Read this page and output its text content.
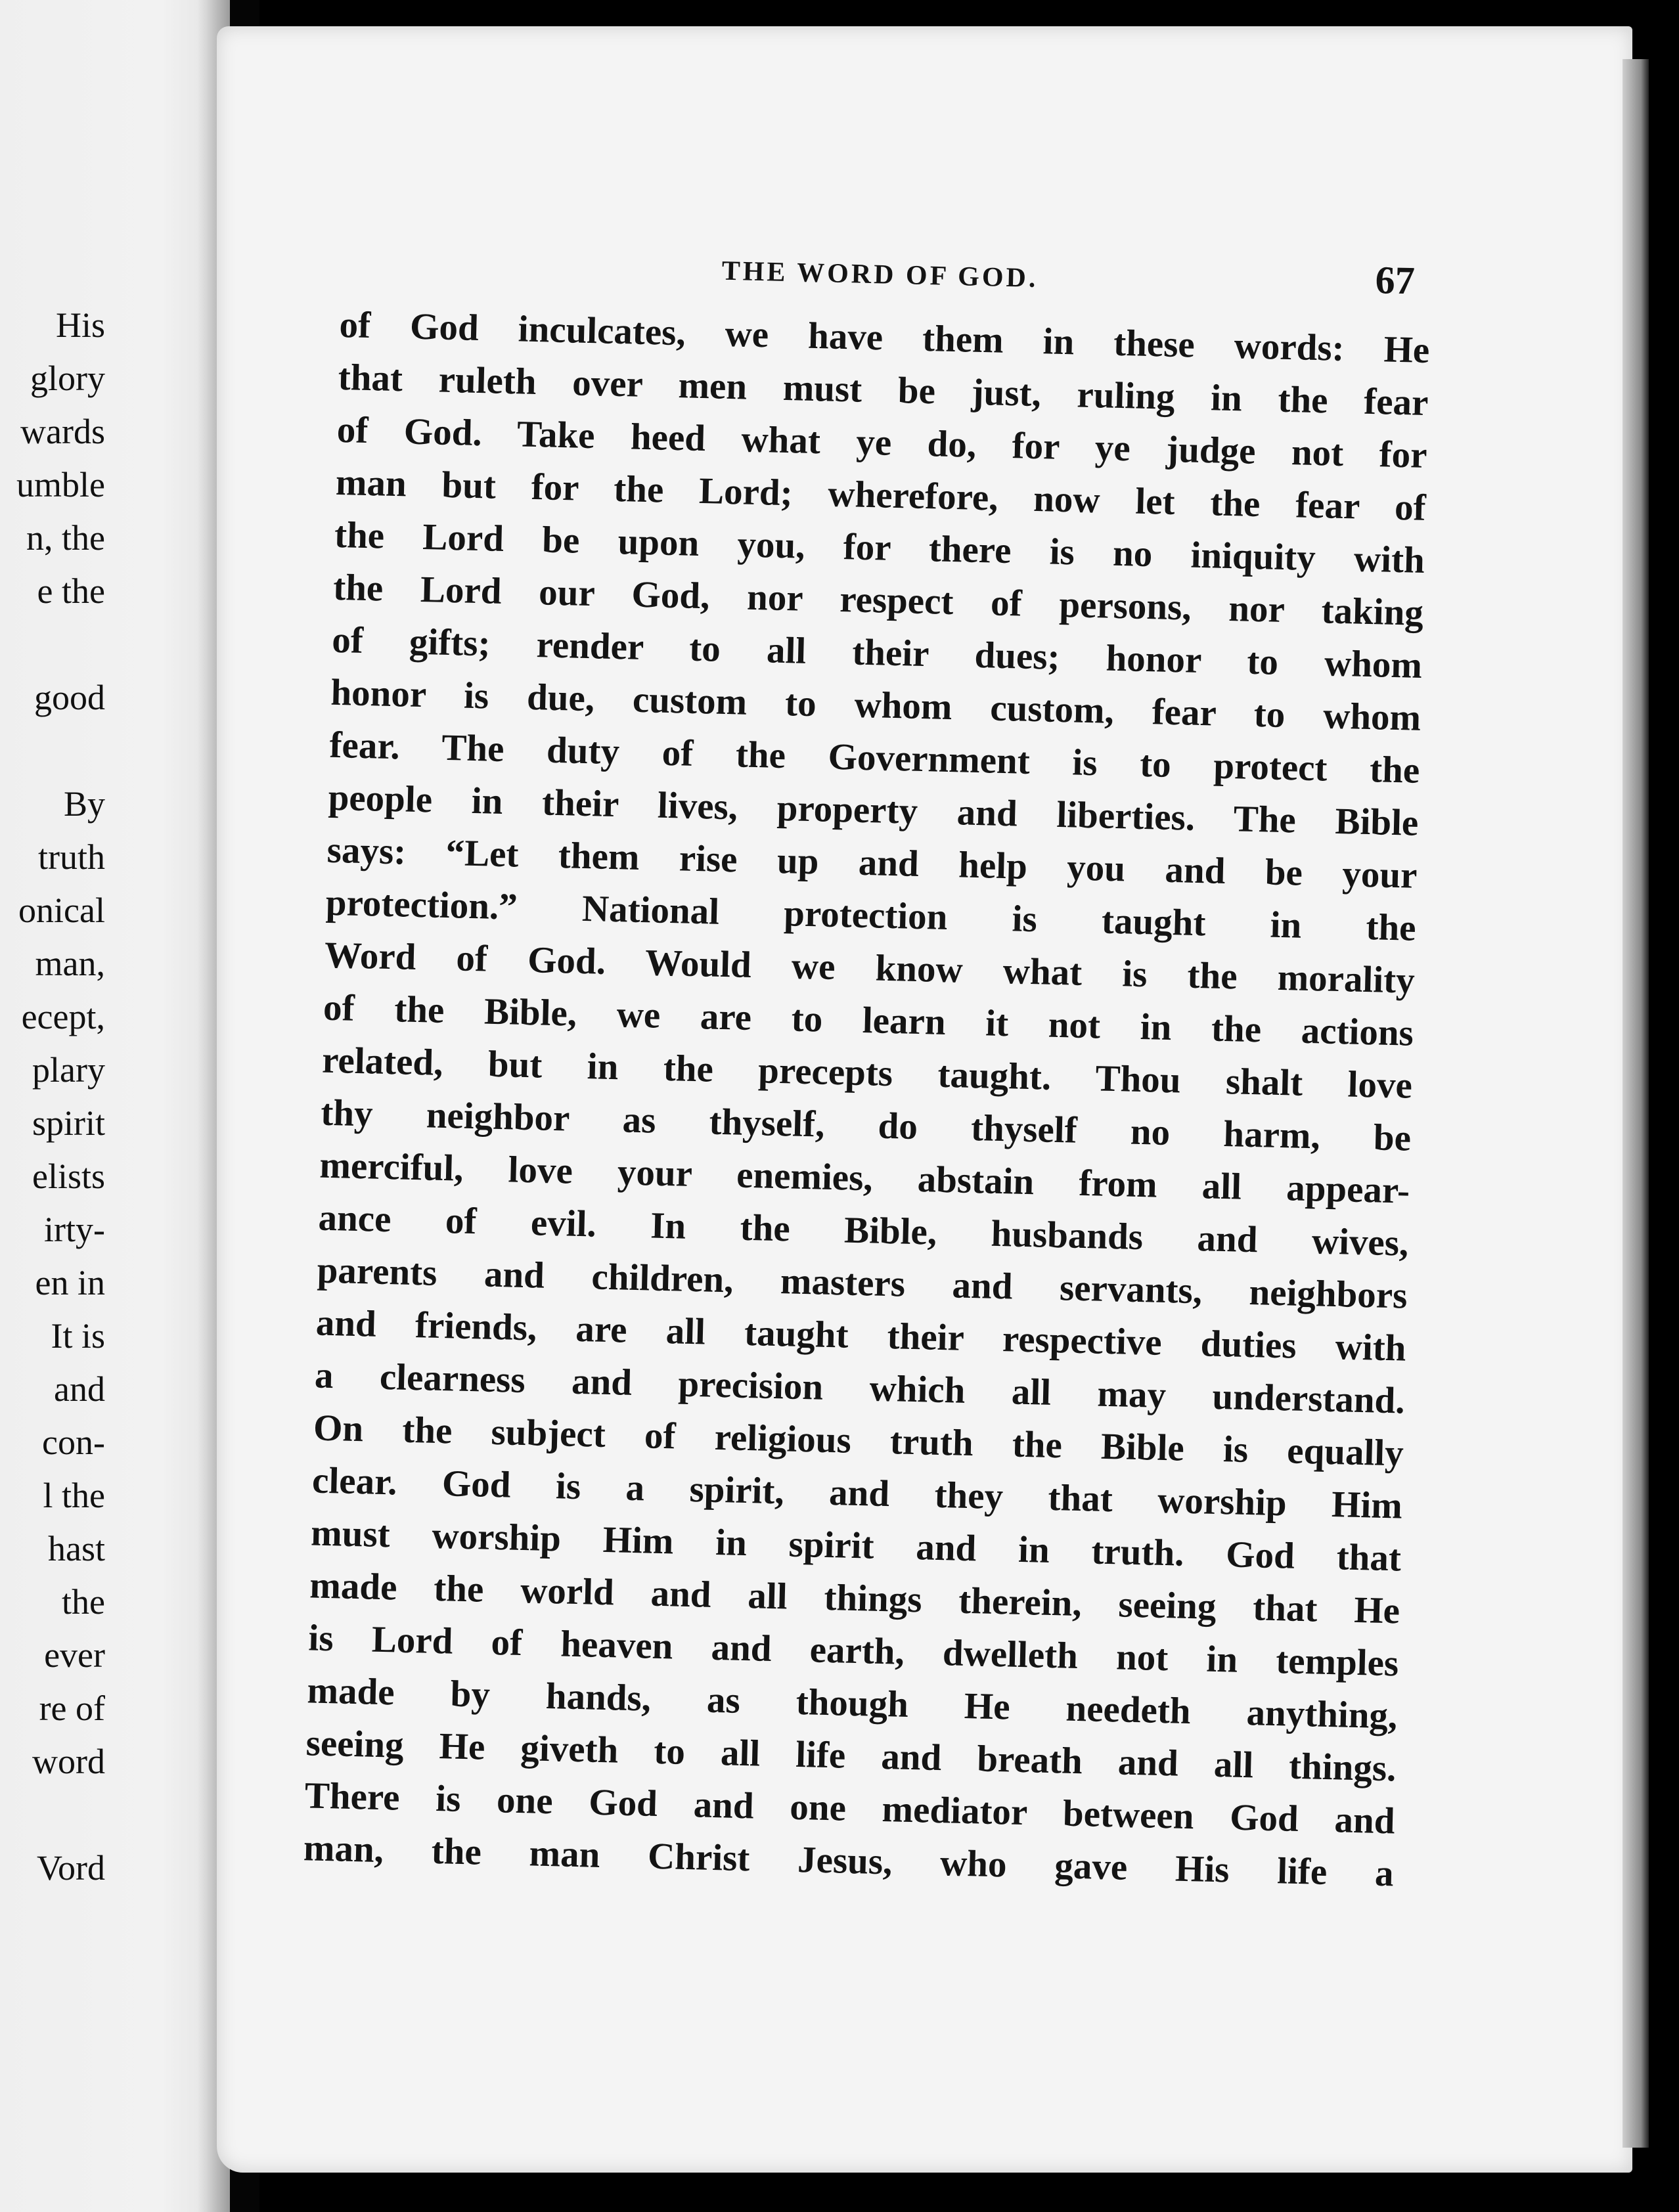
His
glory
wards
umble
n, the
e the
good
By
truth
onical
man,
ecept,
plary
spirit
elists
irty-
en in
It is
and
con-
l the
hast
the
ever
re of
word
Vord
THE WORD OF GOD.	67
of God inculcates, we have them in these words: He
that ruleth over men must be just, ruling in the fear
of God. Take heed what ye do, for ye judge not for
man but for the Lord; wherefore, now let the fear of
the Lord be upon you, for there is no iniquity with
the Lord our God, nor respect of persons, nor taking
of gifts; render to all their dues; honor to whom
honor is due, custom to whom custom, fear to whom
fear. The duty of the Government is to protect the
people in their lives, property and liberties. The Bible
says: “Let them rise up and help you and be your
protection.” National protection is taught in the
Word of God. Would we know what is the morality
of the Bible, we are to learn it not in the actions
related, but in the precepts taught. Thou shalt love
thy neighbor as thyself, do thyself no harm, be
merciful, love your enemies, abstain from all appear-
ance of evil. In the Bible, husbands and wives,
parents and children, masters and servants, neighbors
and friends, are all taught their respective duties with
a clearness and precision which all may understand.
On the subject of religious truth the Bible is equally
clear. God is a spirit, and they that worship Him
must worship Him in spirit and in truth. God that
made the world and all things therein, seeing that He
is Lord of heaven and earth, dwelleth not in temples
made by hands, as though He needeth anything,
seeing He giveth to all life and breath and all things.
There is one God and one mediator between God and
man, the man Christ Jesus, who gave His life a
